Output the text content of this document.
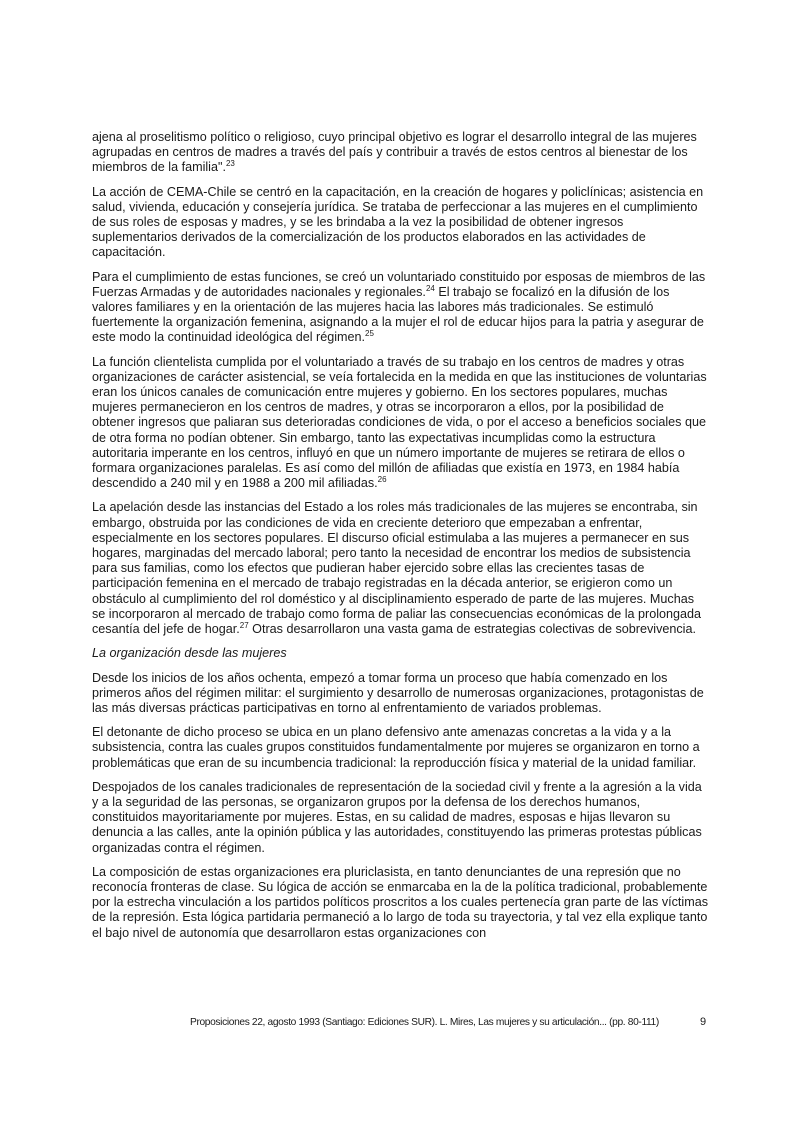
ajena al proselitismo político o religioso, cuyo principal objetivo es lograr el desarrollo integral de las mujeres agrupadas en centros de madres a través del país y contribuir a través de estos centros al bienestar de los miembros de la familia".$^{23}$

La acción de CEMA-Chile se centró en la capacitación, en la creación de hogares y policlínicas; asistencia en salud, vivienda, educación y consejería jurídica. Se trataba de perfeccionar a las mujeres en el cumplimiento de sus roles de esposas y madres, y se les brindaba a la vez la posibilidad de obtener ingresos suplementarios derivados de la comercialización de los productos elaborados en las actividades de capacitación.

Para el cumplimiento de estas funciones, se creó un voluntariado constituido por esposas de miembros de las Fuerzas Armadas y de autoridades nacionales y regionales.$^{24}$ El trabajo se focalizó en la difusión de los valores familiares y en la orientación de las mujeres hacia las labores más tradicionales. Se estimuló fuertemente la organización femenina, asignando a la mujer el rol de educar hijos para la patria y asegurar de este modo la continuidad ideológica del régimen.$^{25}$

La función clientelista cumplida por el voluntariado a través de su trabajo en los centros de madres y otras organizaciones de carácter asistencial, se veía fortalecida en la medida en que las instituciones de voluntarias eran los únicos canales de comunicación entre mujeres y gobierno. En los sectores populares, muchas mujeres permanecieron en los centros de madres, y otras se incorporaron a ellos, por la posibilidad de obtener ingresos que paliaran sus deterioradas condiciones de vida, o por el acceso a beneficios sociales que de otra forma no podían obtener. Sin embargo, tanto las expectativas incumplidas como la estructura autoritaria imperante en los centros, influyó en que un número importante de mujeres se retirara de ellos o formara organizaciones paralelas. Es así como del millón de afiliadas que existía en 1973, en 1984 había descendido a 240 mil y en 1988 a 200 mil afiliadas.$^{26}$

La apelación desde las instancias del Estado a los roles más tradicionales de las mujeres se encontraba, sin embargo, obstruida por las condiciones de vida en creciente deterioro que empezaban a enfrentar, especialmente en los sectores populares. El discurso oficial estimulaba a las mujeres a permanecer en sus hogares, marginadas del mercado laboral; pero tanto la necesidad de encontrar los medios de subsistencia para sus familias, como los efectos que pudieran haber ejercido sobre ellas las crecientes tasas de participación femenina en el mercado de trabajo registradas en la década anterior, se erigieron como un obstáculo al cumplimiento del rol doméstico y al disciplinamiento esperado de parte de las mujeres. Muchas se incorporaron al mercado de trabajo como forma de paliar las consecuencias económicas de la prolongada cesantía del jefe de hogar.$^{27}$ Otras desarrollaron una vasta gama de estrategias colectivas de sobrevivencia.

La organización desde las mujeres

Desde los inicios de los años ochenta, empezó a tomar forma un proceso que había comenzado en los primeros años del régimen militar: el surgimiento y desarrollo de numerosas organizaciones, protagonistas de las más diversas prácticas participativas en torno al enfrentamiento de variados problemas.

El detonante de dicho proceso se ubica en un plano defensivo ante amenazas concretas a la vida y a la subsistencia, contra las cuales grupos constituidos fundamentalmente por mujeres se organizaron en torno a problemáticas que eran de su incumbencia tradicional: la reproducción física y material de la unidad familiar.

Despojados de los canales tradicionales de representación de la sociedad civil y frente a la agresión a la vida y a la seguridad de las personas, se organizaron grupos por la defensa de los derechos humanos, constituidos mayoritariamente por mujeres. Estas, en su calidad de madres, esposas e hijas llevaron su denuncia a las calles, ante la opinión pública y las autoridades, constituyendo las primeras protestas públicas organizadas contra el régimen.

La composición de estas organizaciones era pluriclasista, en tanto denunciantes de una represión que no reconocía fronteras de clase. Su lógica de acción se enmarcaba en la de la política tradicional, probablemente por la estrecha vinculación a los partidos políticos proscritos a los cuales pertenecía gran parte de las víctimas de la represión. Esta lógica partidaria permaneció a lo largo de toda su trayectoria, y tal vez ella explique tanto el bajo nivel de autonomía que desarrollaron estas organizaciones con

Proposiciones 22, agosto 1993 (Santiago: Ediciones SUR). L. Mires, Las mujeres y su articulación... (pp. 80-111)	9
